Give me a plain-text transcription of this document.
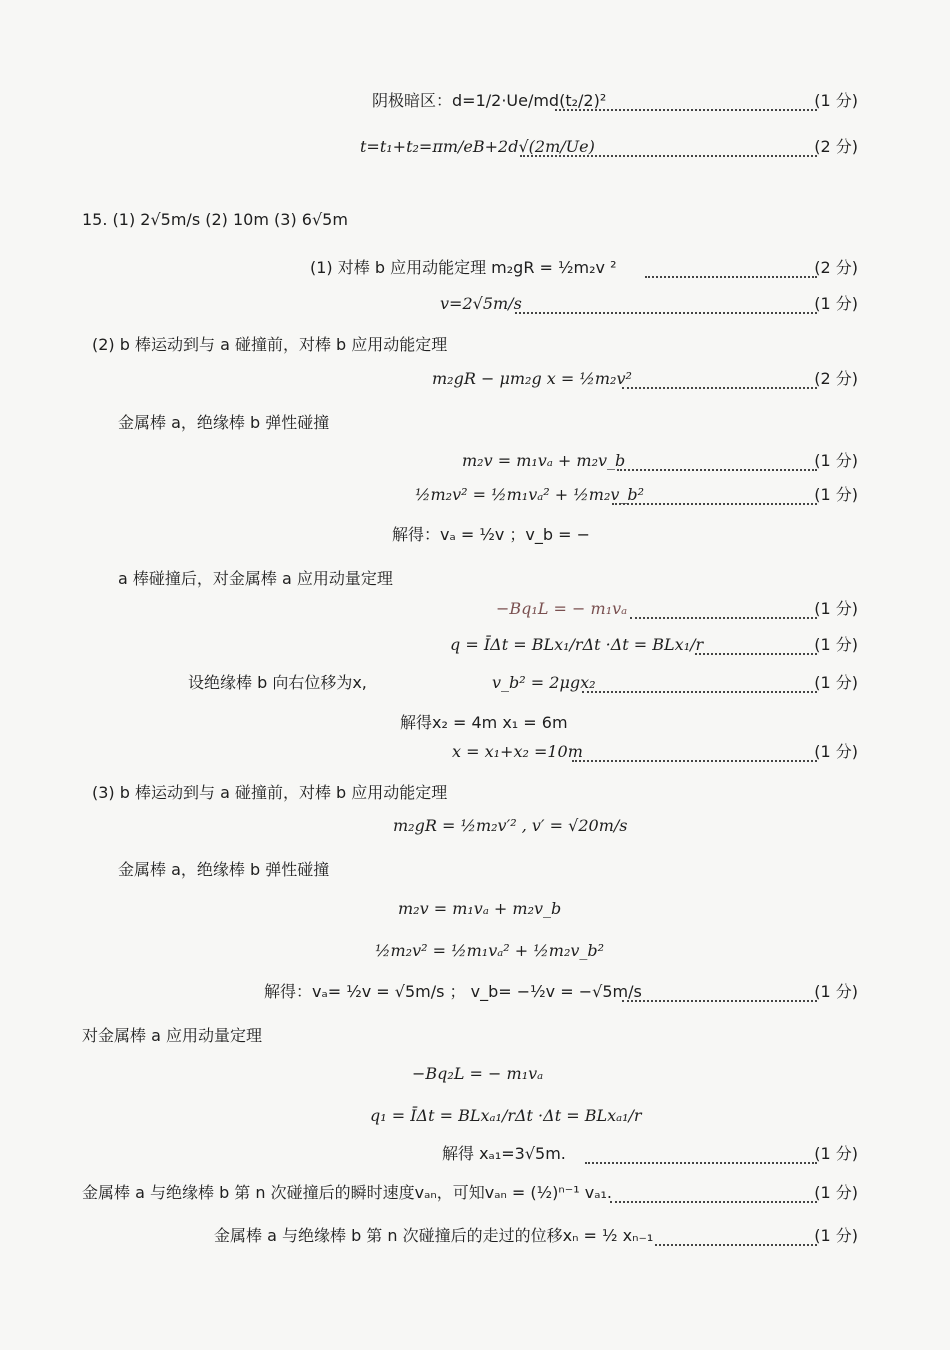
阴极暗区：d=1/2·Ue/md(t₂/2)²	(1 分)
t=t₁+t₂=πm/eB+2d√(2m/Ue)	(2 分)
15. (1) 2√5m/s (2) 10m (3) 6√5m
(1) 对棒 b 应用动能定理 m₂gR = ½m₂v ²	(2 分)
v=2√5m/s	(1 分)
(2) b 棒运动到与 a 碰撞前，对棒 b 应用动能定理
m₂gR − μm₂g x = ½m₂v²	(2 分)
金属棒 a，绝缘棒 b 弹性碰撞
m₂v = m₁vₐ + m₂v_b	(1 分)
½m₂v² = ½m₁vₐ² + ½m₂v_b²	(1 分)
解得：vₐ = ½v ；v_b = −
a 棒碰撞后，对金属棒 a 应用动量定理
−Bq₁L = − m₁vₐ	(1 分)
q = ĪΔt = BLx₁/rΔt ·Δt = BLx₁/r	(1 分)
设绝缘棒 b 向右位移为x,	v_b² = 2μgx₂	(1 分)
解得x₂ = 4m x₁ = 6m
x = x₁+x₂ =10m	(1 分)
(3) b 棒运动到与 a 碰撞前，对棒 b 应用动能定理
m₂gR = ½m₂v′² , v′ = √20m/s
金属棒 a，绝缘棒 b 弹性碰撞
m₂v = m₁vₐ + m₂v_b
½m₂v² = ½m₁vₐ² + ½m₂v_b²
解得：vₐ= ½v = √5m/s ； v_b= −½v = −√5m/s	(1 分)
对金属棒 a 应用动量定理
−Bq₂L = − m₁vₐ
q₁ = ĪΔt = BLxₐ₁/rΔt ·Δt = BLxₐ₁/r
解得 xₐ₁=3√5m.	(1 分)
金属棒 a 与绝缘棒 b 第 n 次碰撞后的瞬时速度vₐₙ，可知vₐₙ = (½)ⁿ⁻¹ vₐ₁.	(1 分)
金属棒 a 与绝缘棒 b 第 n 次碰撞后的走过的位移xₙ = ½ xₙ₋₁	(1 分)
